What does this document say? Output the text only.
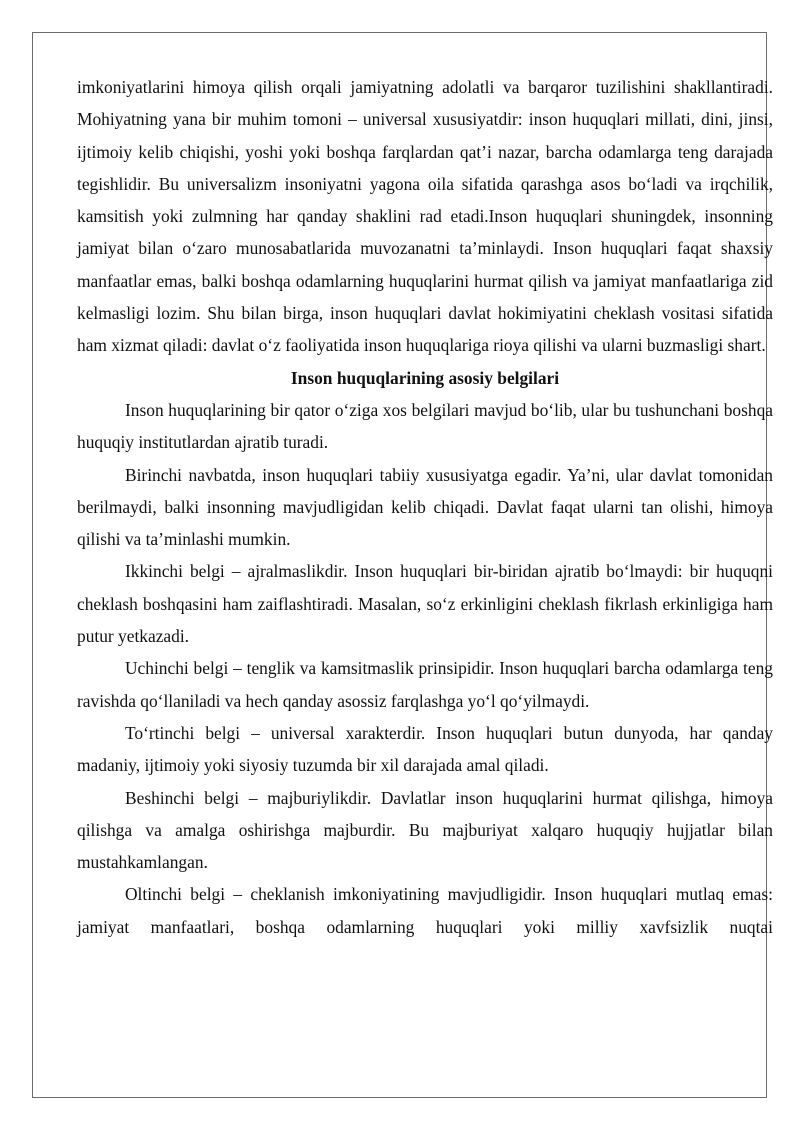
imkoniyatlarini himoya qilish orqali jamiyatning adolatli va barqaror tuzilishini shakllantiradi. Mohiyatning yana bir muhim tomoni – universal xususiyatdir: inson huquqlari millati, dini, jinsi, ijtimoiy kelib chiqishi, yoshi yoki boshqa farqlardan qat’i nazar, barcha odamlarga teng darajada tegishlidir. Bu universalizm insoniyatni yagona oila sifatida qarashga asos bo‘ladi va irqchilik, kamsitish yoki zulmning har qanday shaklini rad etadi.Inson huquqlari shuningdek, insonning jamiyat bilan o‘zaro munosabatlarida muvozanatni ta’minlaydi. Inson huquqlari faqat shaxsiy manfaatlar emas, balki boshqa odamlarning huquqlarini hurmat qilish va jamiyat manfaatlariga zid kelmasligi lozim. Shu bilan birga, inson huquqlari davlat hokimiyatini cheklash vositasi sifatida ham xizmat qiladi: davlat o‘z faoliyatida inson huquqlariga rioya qilishi va ularni buzmasligi shart.

Inson huquqlarining asosiy belgilari

Inson huquqlarining bir qator o‘ziga xos belgilari mavjud bo‘lib, ular bu tushunchani boshqa huquqiy institutlardan ajratib turadi.

Birinchi navbatda, inson huquqlari tabiiy xususiyatga egadir. Ya’ni, ular davlat tomonidan berilmaydi, balki insonning mavjudligidan kelib chiqadi. Davlat faqat ularni tan olishi, himoya qilishi va ta’minlashi mumkin.

Ikkinchi belgi – ajralmaslikdir. Inson huquqlari bir-biridan ajratib bo‘lmaydi: bir huquqni cheklash boshqasini ham zaiflashtiradi. Masalan, so‘z erkinligini cheklash fikrlash erkinligiga ham putur yetkazadi.

Uchinchi belgi – tenglik va kamsitmaslik prinsipidir. Inson huquqlari barcha odamlarga teng ravishda qo‘llaniladi va hech qanday asossiz farqlashga yo‘l qo‘yilmaydi.

To‘rtinchi belgi – universal xarakterdir. Inson huquqlari butun dunyoda, har qanday madaniy, ijtimoiy yoki siyosiy tuzumda bir xil darajada amal qiladi.

Beshinchi belgi – majburiylikdir. Davlatlar inson huquqlarini hurmat qilishga, himoya qilishga va amalga oshirishga majburdir. Bu majburiyat xalqaro huquqiy hujjatlar bilan mustahkamlangan.

Oltinchi belgi – cheklanish imkoniyatining mavjudligidir. Inson huquqlari mutlaq emas: jamiyat manfaatlari, boshqa odamlarning huquqlari yoki milliy xavfsizlik nuqtai
